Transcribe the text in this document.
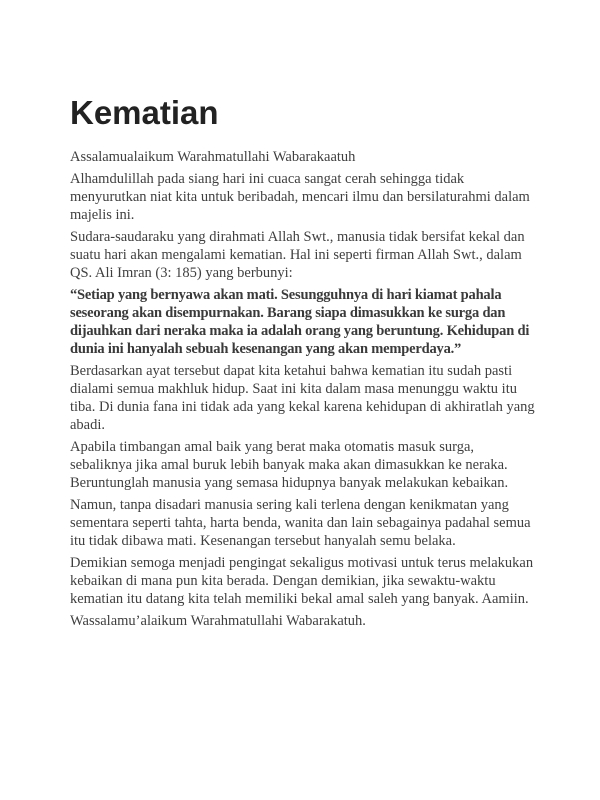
Kematian

Assalamualaikum Warahmatullahi Wabarakaatuh

Alhamdulillah pada siang hari ini cuaca sangat cerah sehingga tidak menyurutkan niat kita untuk beribadah, mencari ilmu dan bersilaturahmi dalam majelis ini.

Sudara-saudaraku yang dirahmati Allah Swt., manusia tidak bersifat kekal dan suatu hari akan mengalami kematian. Hal ini seperti firman Allah Swt., dalam QS. Ali Imran (3: 185) yang berbunyi:

“Setiap yang bernyawa akan mati. Sesungguhnya di hari kiamat pahala seseorang akan disempurnakan. Barang siapa dimasukkan ke surga dan dijauhkan dari neraka maka ia adalah orang yang beruntung. Kehidupan di dunia ini hanyalah sebuah kesenangan yang akan memperdaya.”

Berdasarkan ayat tersebut dapat kita ketahui bahwa kematian itu sudah pasti dialami semua makhluk hidup. Saat ini kita dalam masa menunggu waktu itu tiba. Di dunia fana ini tidak ada yang kekal karena kehidupan di akhiratlah yang abadi.

Apabila timbangan amal baik yang berat maka otomatis masuk surga, sebaliknya jika amal buruk lebih banyak maka akan dimasukkan ke neraka. Beruntunglah manusia yang semasa hidupnya banyak melakukan kebaikan.

Namun, tanpa disadari manusia sering kali terlena dengan kenikmatan yang sementara seperti tahta, harta benda, wanita dan lain sebagainya padahal semua itu tidak dibawa mati. Kesenangan tersebut hanyalah semu belaka.

Demikian semoga menjadi pengingat sekaligus motivasi untuk terus melakukan kebaikan di mana pun kita berada. Dengan demikian, jika sewaktu-waktu kematian itu datang kita telah memiliki bekal amal saleh yang banyak. Aamiin.

Wassalamu’alaikum Warahmatullahi Wabarakatuh.
